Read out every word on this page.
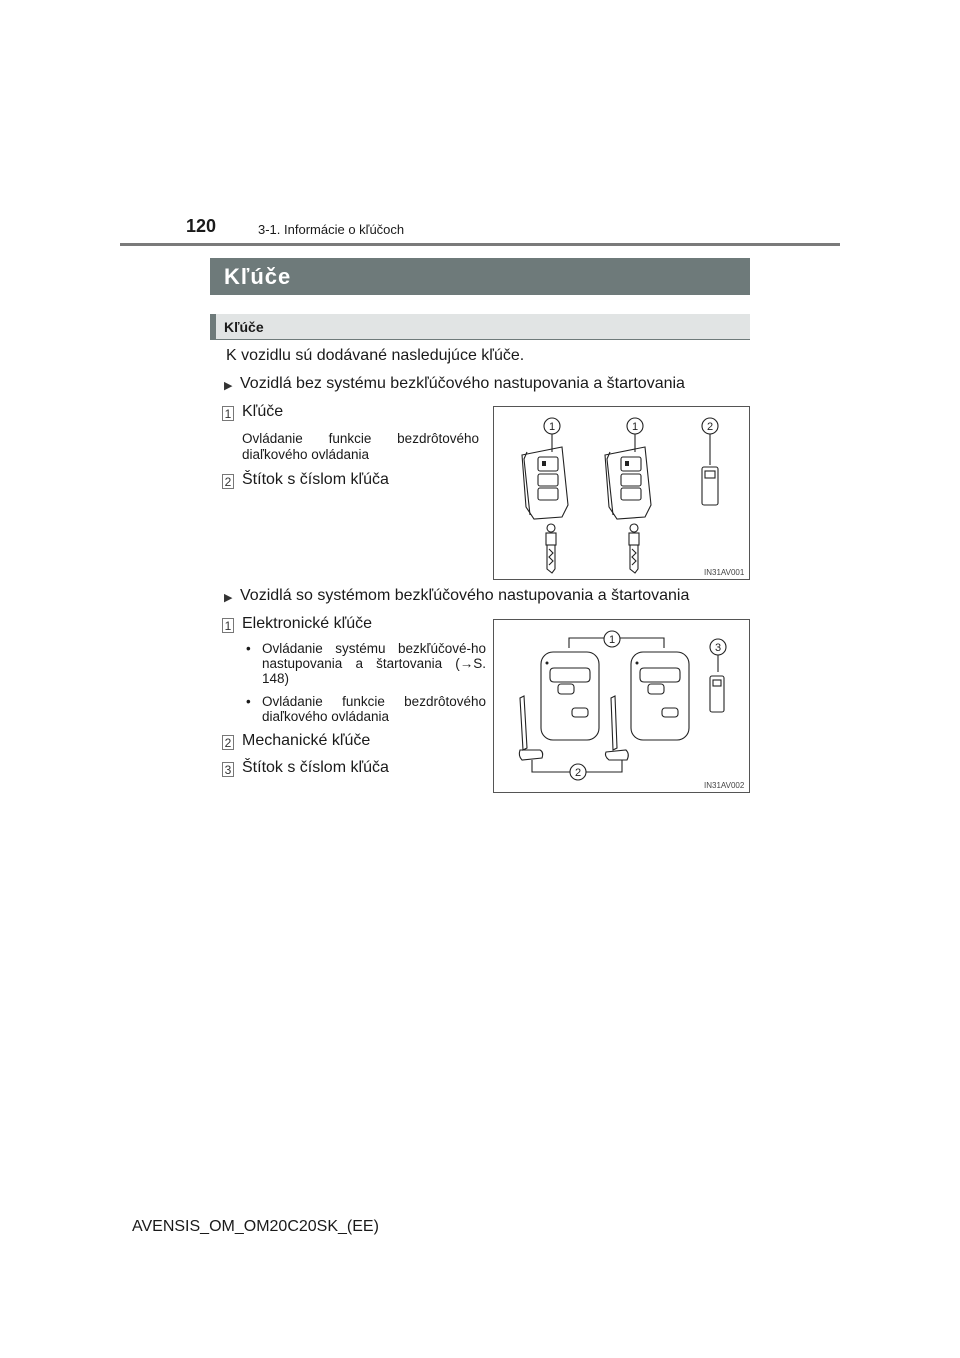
120	3-1. Informácie o kľúčoch
Kľúče
Kľúče
K vozidlu sú dodávané nasledujúce kľúče.
▶ Vozidlá bez systému bezkľúčového nastupovania a štartovania
1 Kľúče
Ovládanie funkcie bezdrôtového diaľkového ovládania
2 Štítok s číslom kľúča
1	1	2
IN31AV001
▶ Vozidlá so systémom bezkľúčového nastupovania a štartovania
1 Elektronické kľúče
• Ovládanie systému bezkľúčové-ho nastupovania a štartovania (→S. 148)
• Ovládanie funkcie bezdrôtového diaľkového ovládania
2 Mechanické kľúče
3 Štítok s číslom kľúča
1
2
3
IN31AV002
AVENSIS_OM_OM20C20SK_(EE)
